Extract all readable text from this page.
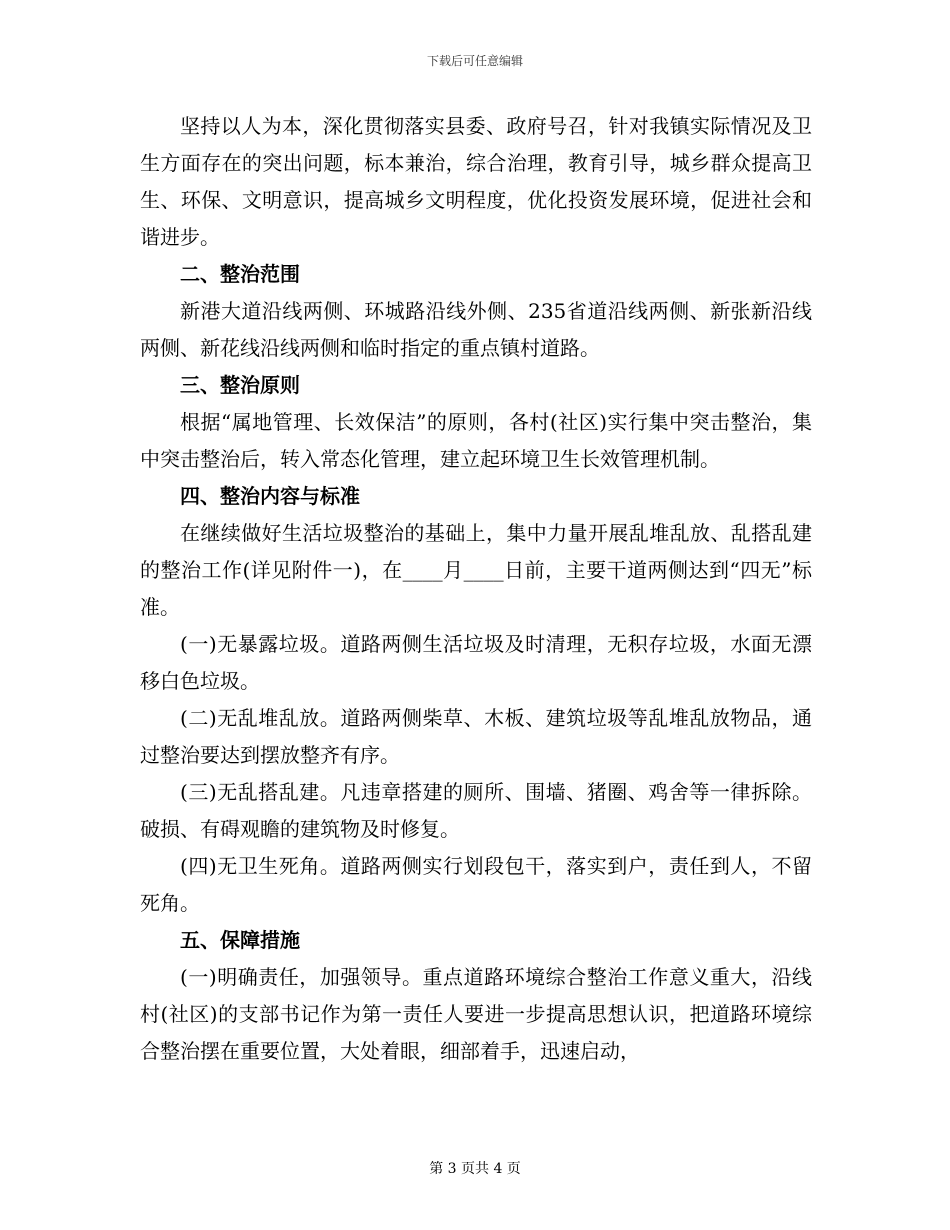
下载后可任意编辑

坚持以人为本，深化贯彻落实县委、政府号召，针对我镇实际情况及卫生方面存在的突出问题，标本兼治，综合治理，教育引导，城乡群众提高卫生、环保、文明意识，提高城乡文明程度，优化投资发展环境，促进社会和谐进步。

二、整治范围

新港大道沿线两侧、环城路沿线外侧、235省道沿线两侧、新张新沿线两侧、新花线沿线两侧和临时指定的重点镇村道路。

三、整治原则

根据“属地管理、长效保洁”的原则，各村(社区)实行集中突击整治，集中突击整治后，转入常态化管理，建立起环境卫生长效管理机制。

四、整治内容与标准

在继续做好生活垃圾整治的基础上，集中力量开展乱堆乱放、乱搭乱建的整治工作(详见附件一)，在____月____日前，主要干道两侧达到“四无”标准。

(一)无暴露垃圾。道路两侧生活垃圾及时清理，无积存垃圾，水面无漂移白色垃圾。

(二)无乱堆乱放。道路两侧柴草、木板、建筑垃圾等乱堆乱放物品，通过整治要达到摆放整齐有序。

(三)无乱搭乱建。凡违章搭建的厕所、围墙、猪圈、鸡舍等一律拆除。破损、有碍观瞻的建筑物及时修复。

(四)无卫生死角。道路两侧实行划段包干，落实到户，责任到人，不留死角。

五、保障措施

(一)明确责任，加强领导。重点道路环境综合整治工作意义重大，沿线村(社区)的支部书记作为第一责任人要进一步提高思想认识，把道路环境综合整治摆在重要位置，大处着眼，细部着手，迅速启动，

第 3 页共 4 页
